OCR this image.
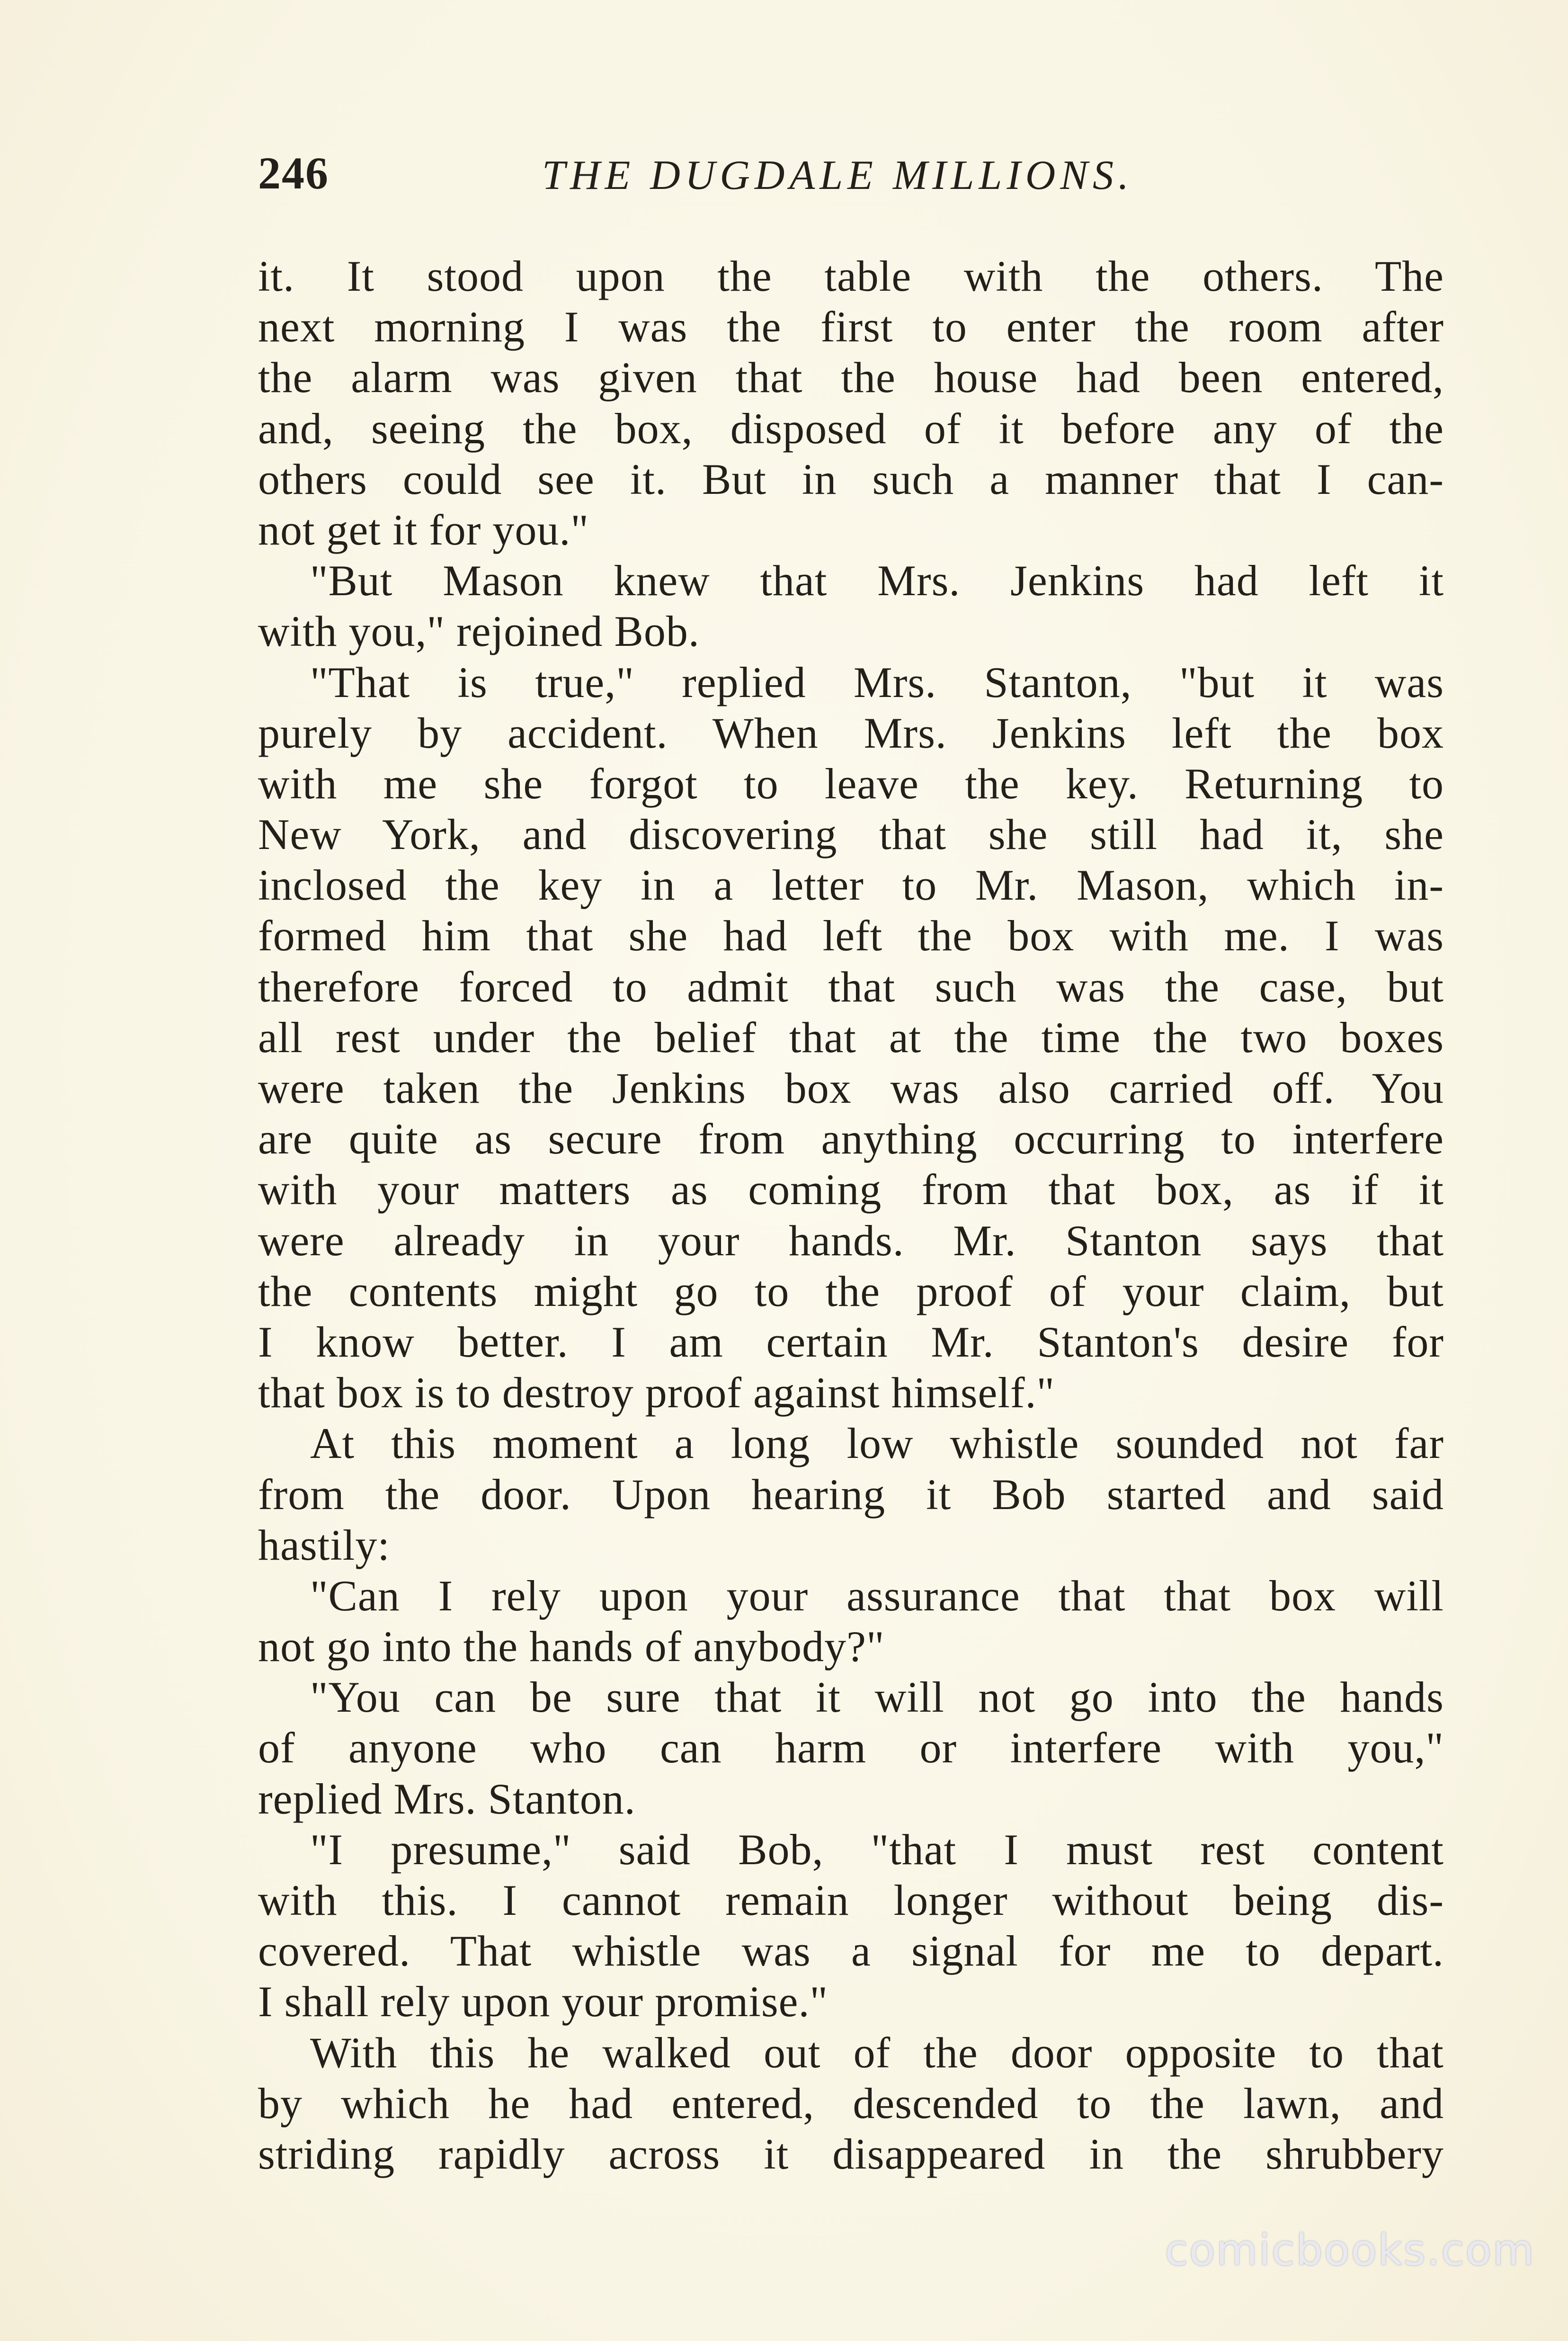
246	THE DUGDALE MILLIONS.
it. It stood upon the table with the others. The
next morning I was the first to enter the room after
the alarm was given that the house had been entered,
and, seeing the box, disposed of it before any of the
others could see it. But in such a manner that I can-
not get it for you."
"But Mason knew that Mrs. Jenkins had left it
with you," rejoined Bob.
"That is true," replied Mrs. Stanton, "but it was
purely by accident. When Mrs. Jenkins left the box
with me she forgot to leave the key. Returning to
New York, and discovering that she still had it, she
inclosed the key in a letter to Mr. Mason, which in-
formed him that she had left the box with me. I was
therefore forced to admit that such was the case, but
all rest under the belief that at the time the two boxes
were taken the Jenkins box was also carried off. You
are quite as secure from anything occurring to interfere
with your matters as coming from that box, as if it
were already in your hands. Mr. Stanton says that
the contents might go to the proof of your claim, but
I know better. I am certain Mr. Stanton's desire for
that box is to destroy proof against himself."
At this moment a long low whistle sounded not far
from the door. Upon hearing it Bob started and said
hastily:
"Can I rely upon your assurance that that box will
not go into the hands of anybody?"
"You can be sure that it will not go into the hands
of anyone who can harm or interfere with you,"
replied Mrs. Stanton.
"I presume," said Bob, "that I must rest content
with this. I cannot remain longer without being dis-
covered. That whistle was a signal for me to depart.
I shall rely upon your promise."
With this he walked out of the door opposite to that
by which he had entered, descended to the lawn, and
striding rapidly across it disappeared in the shrubbery
comicbooks.com
